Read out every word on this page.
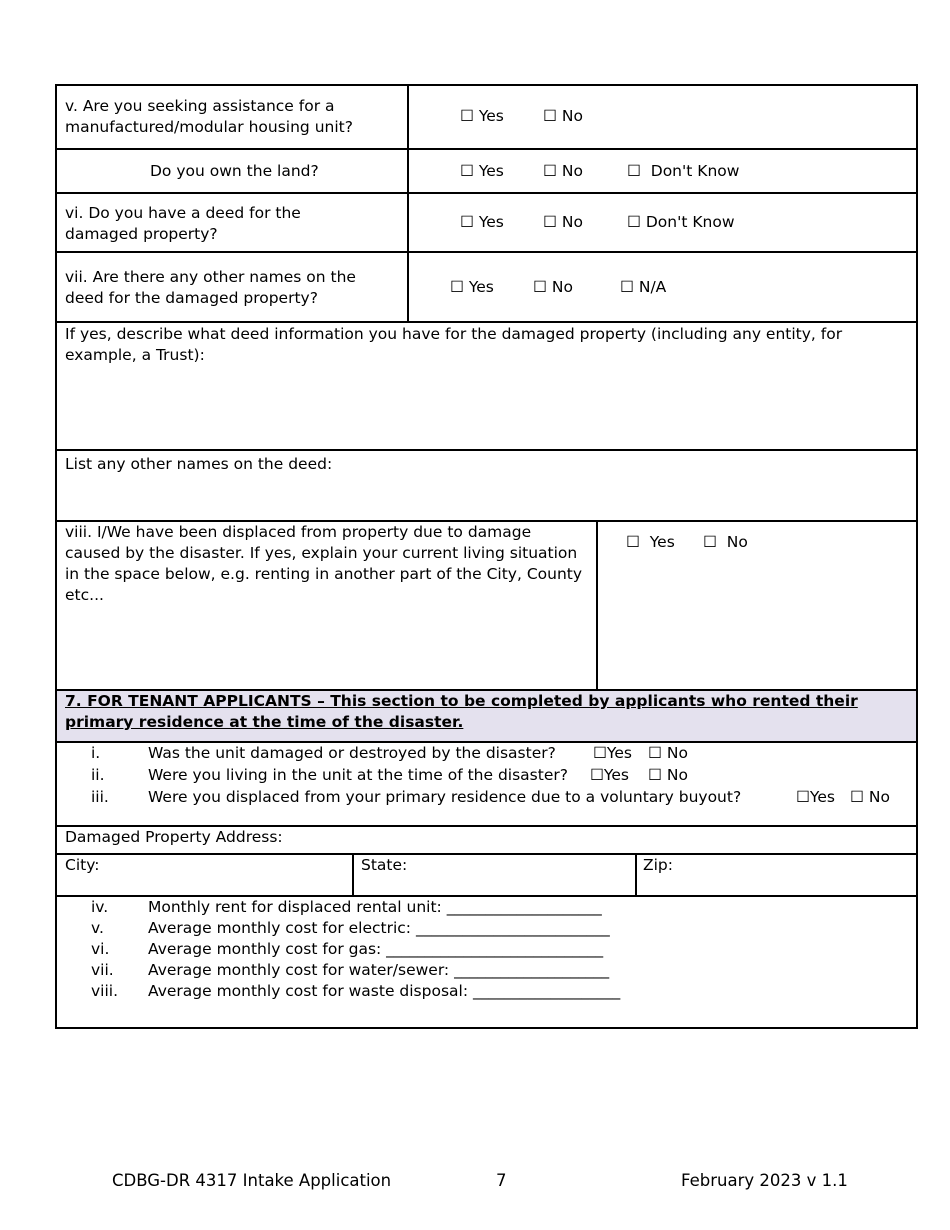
v. Are you seeking assistance for a manufactured/modular housing unit?
☐ Yes	☐ No
Do you own the land?	☐ Yes	☐ No	☐ Don't Know
vi. Do you have a deed for the damaged property?
☐ Yes	☐ No	☐ Don't Know
vii. Are there any other names on the deed for the damaged property?
☐ Yes	☐ No	☐ N/A
If yes, describe what deed information you have for the damaged property (including any entity, for example, a Trust):
List any other names on the deed:
viii. I/We have been displaced from property due to damage caused by the disaster. If yes, explain your current living situation in the space below, e.g. renting in another part of the City, County etc...
☐ Yes ☐ No
7. FOR TENANT APPLICANTS – This section to be completed by applicants who rented their primary residence at the time of the disaster.
i.	Was the unit damaged or destroyed by the disaster? ☐Yes ☐ No
ii.	Were you living in the unit at the time of the disaster? ☐Yes ☐ No
iii.	Were you displaced from your primary residence due to a voluntary buyout?	☐Yes ☐ No
Damaged Property Address:
City:	State:	Zip:
iv.	Monthly rent for displaced rental unit: ____________________
v.	Average monthly cost for electric: _________________________
vi. Average monthly cost for gas: ____________________________
vii. Average monthly cost for water/sewer: ____________________
viii. Average monthly cost for waste disposal: ___________________
CDBG-DR 4317 Intake Application	7	February 2023 v 1.1
